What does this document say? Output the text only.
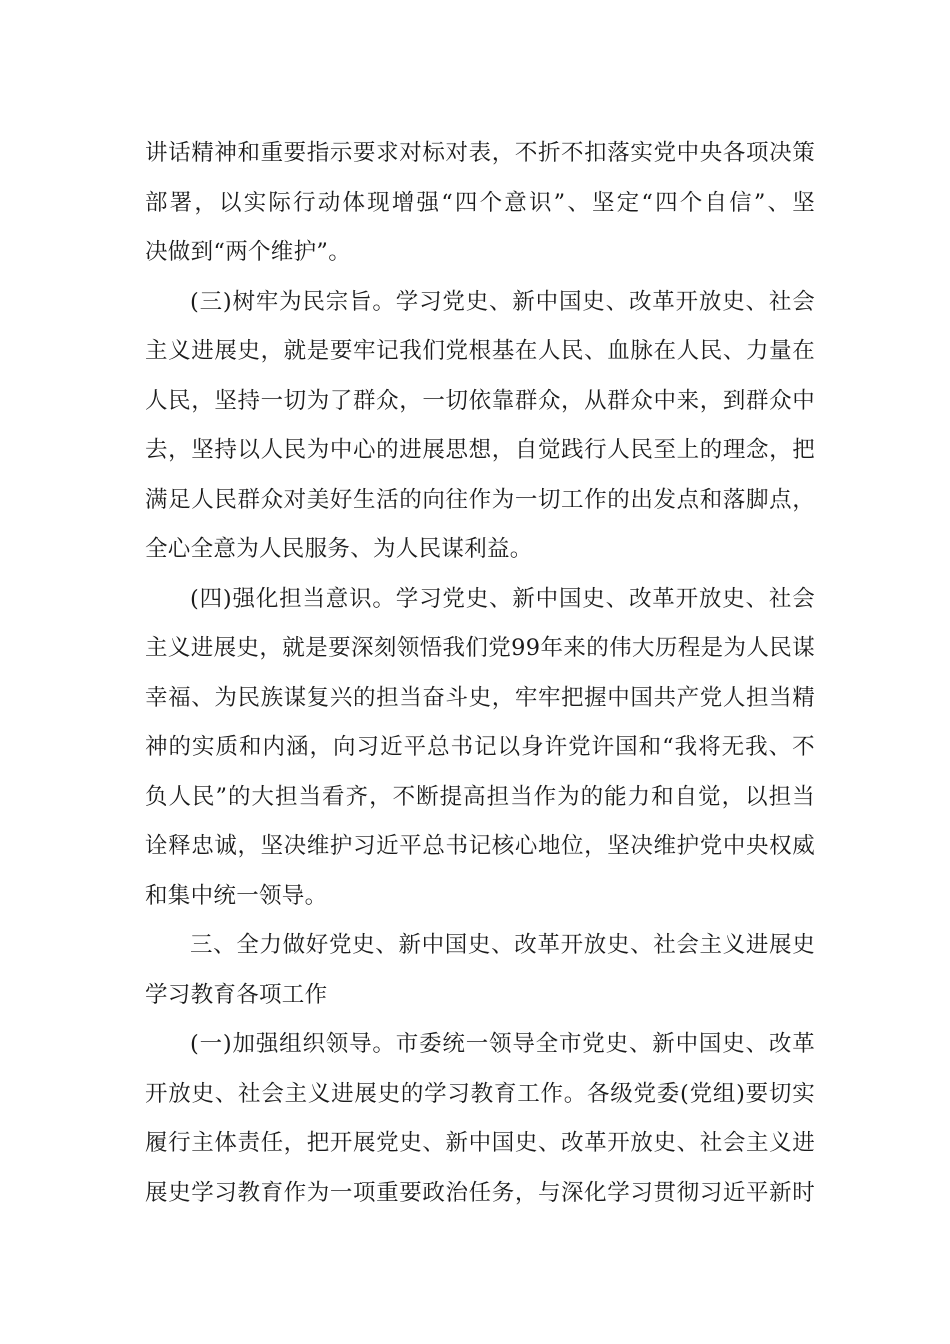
讲话精神和重要指示要求对标对表，不折不扣落实党中央各项决策
部署，以实际行动体现增强“四个意识”、坚定“四个自信”、坚
决做到“两个维护”。
(三)树牢为民宗旨。学习党史、新中国史、改革开放史、社会
主义进展史，就是要牢记我们党根基在人民、血脉在人民、力量在
人民，坚持一切为了群众，一切依靠群众，从群众中来，到群众中
去，坚持以人民为中心的进展思想，自觉践行人民至上的理念，把
满足人民群众对美好生活的向往作为一切工作的出发点和落脚点，
全心全意为人民服务、为人民谋利益。
(四)强化担当意识。学习党史、新中国史、改革开放史、社会
主义进展史，就是要深刻领悟我们党99年来的伟大历程是为人民谋
幸福、为民族谋复兴的担当奋斗史，牢牢把握中国共产党人担当精
神的实质和内涵，向习近平总书记以身许党许国和“我将无我、不
负人民”的大担当看齐，不断提高担当作为的能力和自觉，以担当
诠释忠诚，坚决维护习近平总书记核心地位，坚决维护党中央权威
和集中统一领导。
三、全力做好党史、新中国史、改革开放史、社会主义进展史
学习教育各项工作
(一)加强组织领导。市委统一领导全市党史、新中国史、改革
开放史、社会主义进展史的学习教育工作。各级党委(党组)要切实
履行主体责任，把开展党史、新中国史、改革开放史、社会主义进
展史学习教育作为一项重要政治任务，与深化学习贯彻习近平新时
